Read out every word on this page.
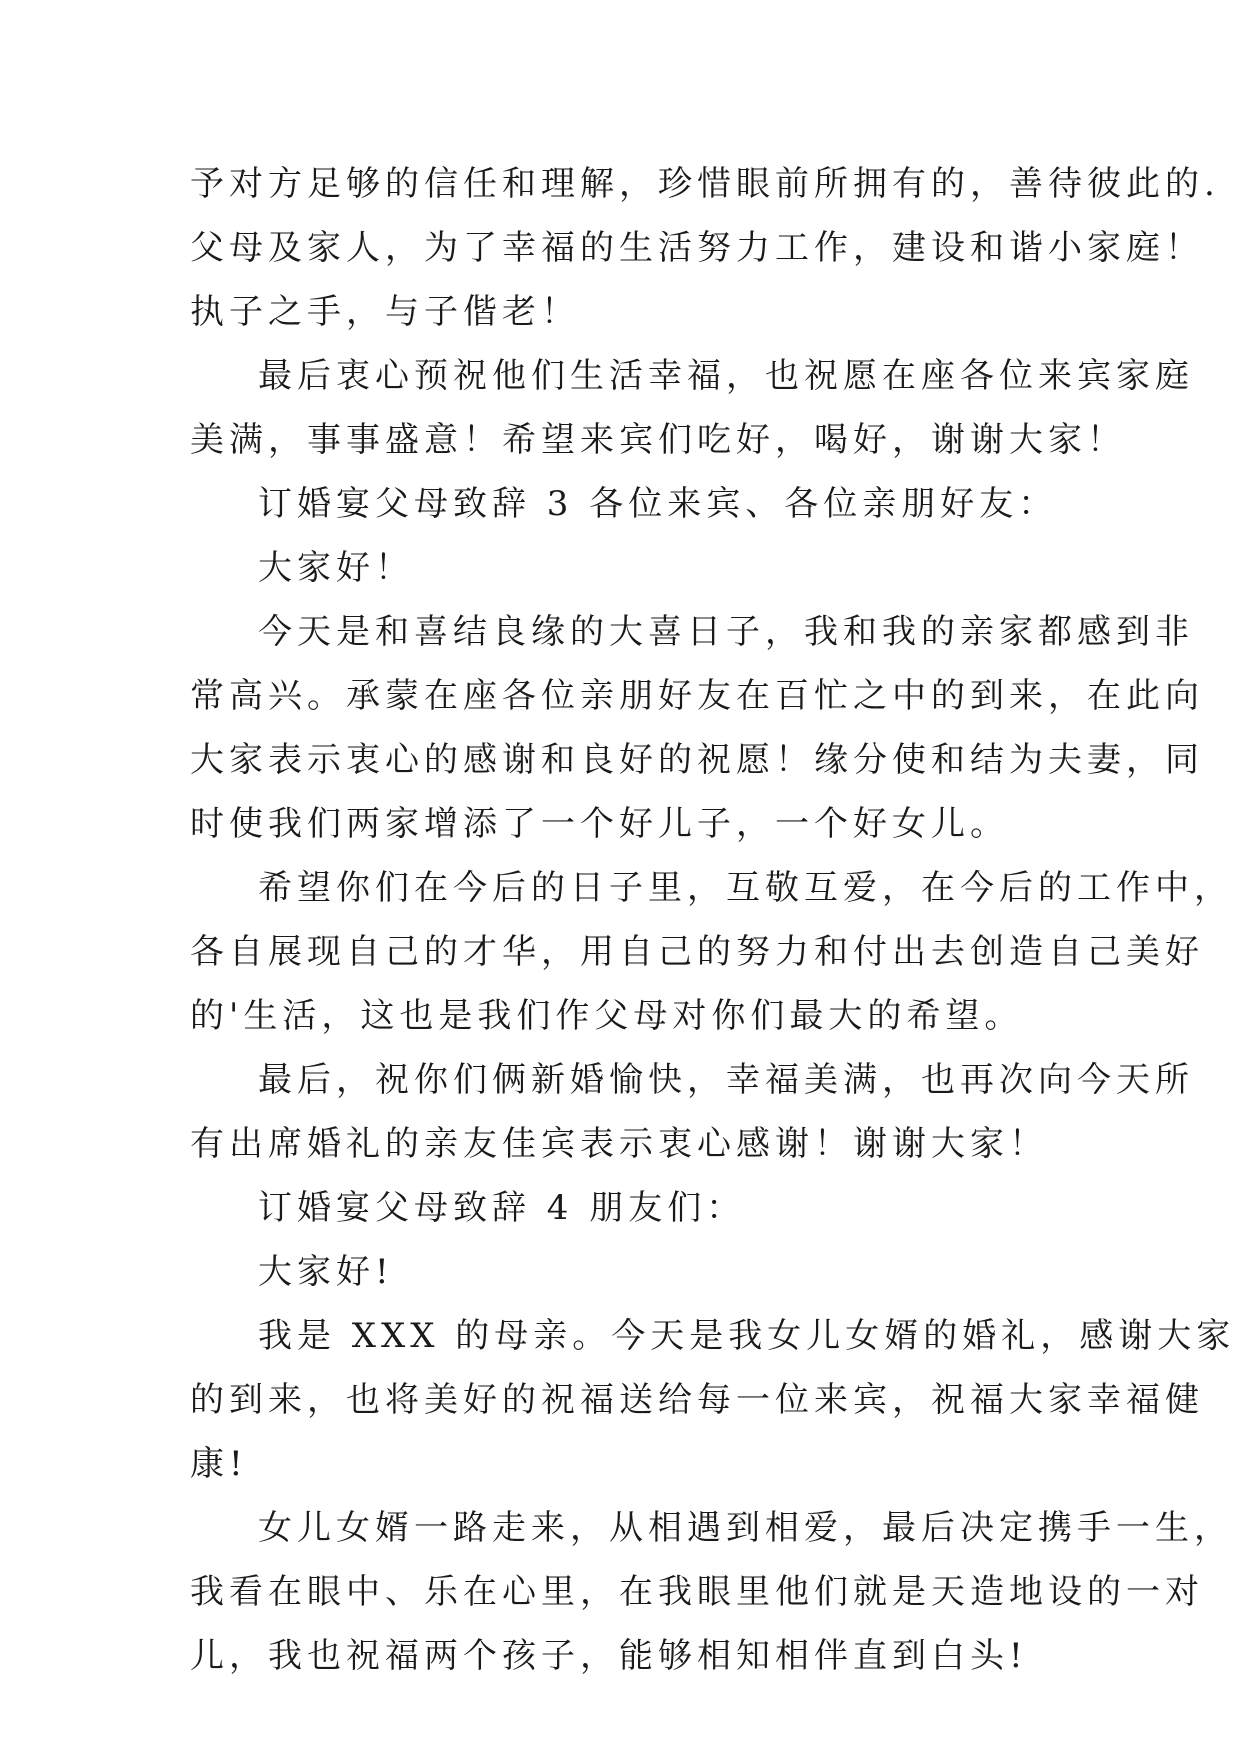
予对方足够的信任和理解，珍惜眼前所拥有的，善待彼此的.
父母及家人，为了幸福的生活努力工作，建设和谐小家庭！
执子之手，与子偕老！
最后衷心预祝他们生活幸福，也祝愿在座各位来宾家庭
美满，事事盛意！希望来宾们吃好，喝好，谢谢大家！
订婚宴父母致辞 3 各位来宾、各位亲朋好友：
大家好！
今天是和喜结良缘的大喜日子，我和我的亲家都感到非
常高兴。承蒙在座各位亲朋好友在百忙之中的到来，在此向
大家表示衷心的感谢和良好的祝愿！缘分使和结为夫妻，同
时使我们两家增添了一个好儿子，一个好女儿。
希望你们在今后的日子里，互敬互爱，在今后的工作中，
各自展现自己的才华，用自己的努力和付出去创造自己美好
的'生活，这也是我们作父母对你们最大的希望。
最后，祝你们俩新婚愉快，幸福美满，也再次向今天所
有出席婚礼的亲友佳宾表示衷心感谢！谢谢大家！
订婚宴父母致辞 4 朋友们：
大家好!
我是 XXX 的母亲。今天是我女儿女婿的婚礼，感谢大家
的到来，也将美好的祝福送给每一位来宾，祝福大家幸福健
康!
女儿女婿一路走来，从相遇到相爱，最后决定携手一生，
我看在眼中、乐在心里，在我眼里他们就是天造地设的一对
儿，我也祝福两个孩子，能够相知相伴直到白头!
